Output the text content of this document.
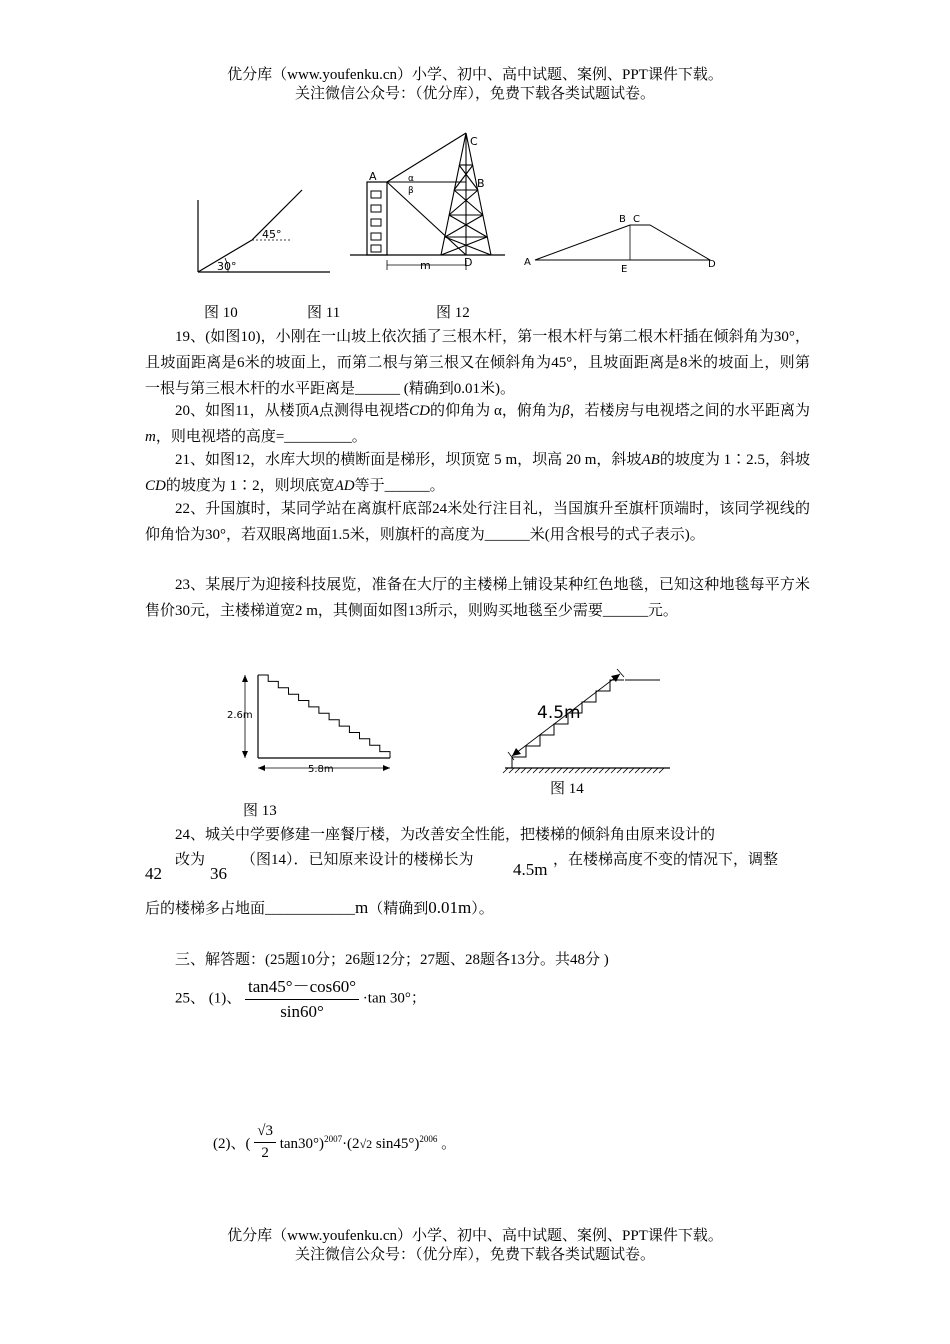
优分库（www.youfenku.cn）小学、初中、高中试题、案例、PPT课件下载。
关注微信公众号：（优分库），免费下载各类试题试卷。
30°
45°
A
C
B
D
m
α
β
A
B C
D
E
图 10	图 11	图 12
19、(如图10)，小刚在一山坡上依次插了三根木杆，第一根木杆与第二根木杆插在倾斜角为30°，且坡面距离是6米的坡面上，而第二根与第三根又在倾斜角为45°，且坡面距离是8米的坡面上，则第一根与第三根木杆的水平距离是______ (精确到0.01米)。
20、如图11，从楼顶A点测得电视塔CD的仰角为 α，俯角为β，若楼房与电视塔之间的水平距离为m，则电视塔的高度=_________。
21、如图12，水库大坝的横断面是梯形，坝顶宽 5 m，坝高 20 m，斜坡AB的坡度为 1∶2.5，斜坡CD的坡度为 1∶2，则坝底宽AD等于______。
22、升国旗时，某同学站在离旗杆底部24米处行注目礼，当国旗升至旗杆顶端时，该同学视线的仰角恰为30°，若双眼离地面1.5米，则旗杆的高度为______米(用含根号的式子表示)。
23、某展厅为迎接科技展览，准备在大厅的主楼梯上铺设某种红色地毯，已知这种地毯每平方米售价30元，主楼梯道宽2 m，其侧面如图13所示，则购买地毯至少需要______元。
2.6m
5.8m
图 13
4.5m
图 14
24、城关中学要修建一座餐厅楼，为改善安全性能，把楼梯的倾斜角由原来设计的
42
改为
36
（图14）．已知原来设计的楼梯长为 4.5m ，在楼梯高度不变的情况下，调整
后的楼梯多占地面____________m（精确到0.01m）。
三、解答题：(25题10分；26题12分；27题、28题各13分。共48分 )
25、 (1)、 $\frac{\tan 45^\circ-\cos 60^\circ}{\sin 60^\circ} \cdot\tan$ 30°；
(2)、( $\frac{√3}{2} \tan 30^\circ)^{2007}\cdot(2√2$ sin45°)$^{2006}$ 。
优分库（www.youfenku.cn）小学、初中、高中试题、案例、PPT课件下载。
关注微信公众号：（优分库），免费下载各类试题试卷。
